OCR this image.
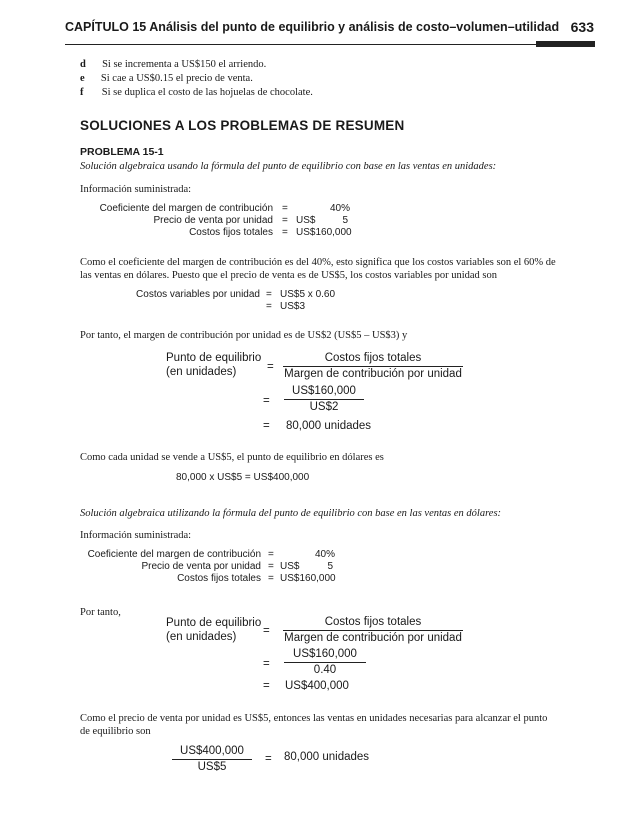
CAPÍTULO 15 Análisis del punto de equilibrio y análisis de costo–volumen–utilidad 633
d Si se incrementa a US$150 el arriendo.
e Si cae a US$0.15 el precio de venta.
f Si se duplica el costo de las hojuelas de chocolate.
SOLUCIONES A LOS PROBLEMAS DE RESUMEN
PROBLEMA 15-1
Solución algebraica usando la fórmula del punto de equilibrio con base en las ventas en unidades:
Información suministrada:
Coeficiente del margen de contribución =	40%
Precio de venta por unidad = US$	5
Costos fijos totales = US$160,000
Como el coeficiente del margen de contribución es del 40%, esto significa que los costos variables son el 60% de
las ventas en dólares. Puesto que el precio de venta es de US$5, los costos variables por unidad son
Costos variables por unidad = US$5 x 0.60
= US$3
Por tanto, el margen de contribución por unidad es de US$2 (US$5 – US$3) y
Punto de equilibrio
(en unidades)	=
Costos fijos totales
Margen de contribución por unidad
=
US$160,000
US$2
= 80,000 unidades
Como cada unidad se vende a US$5, el punto de equilibrio en dólares es
80,000 x US$5 = US$400,000
Solución algebraica utilizando la fórmula del punto de equilibrio con base en las ventas en dólares:
Información suministrada:
Coeficiente del margen de contribución =	40%
Precio de venta por unidad = US$	5
Costos fijos totales = US$160,000
Por tanto,
Punto de equilibrio
(en unidades) =
Costos fijos totales
Margen de contribución por unidad
=
US$160,000
0.40
= US$400,000
Como el precio de venta por unidad es US$5, entonces las ventas en unidades necesarias para alcanzar el punto
de equilibrio son
US$400,000
US$5
= 80,000 unidades
